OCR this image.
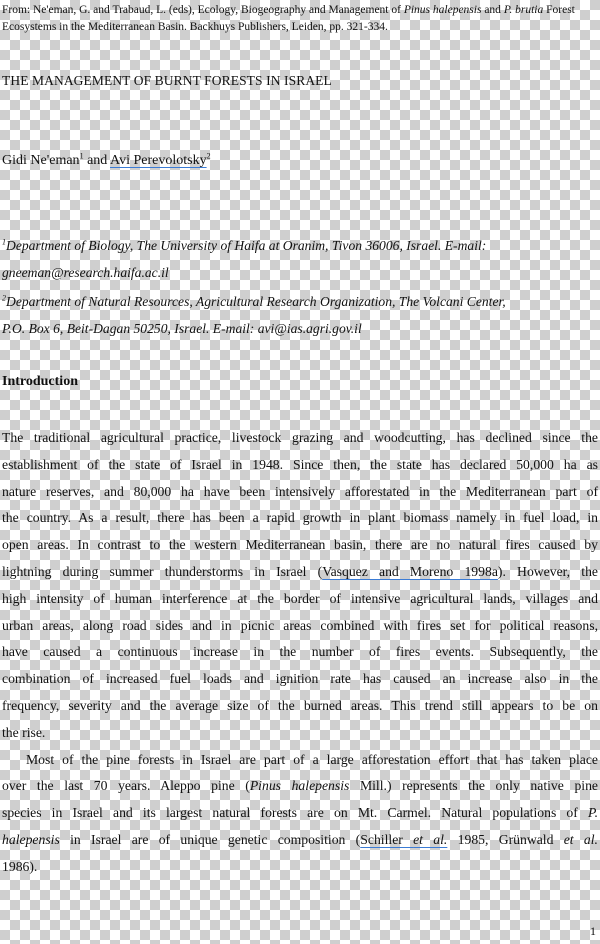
From: Ne'eman, G. and Trabaud, L. (eds), Ecology, Biogeography and Management of Pinus halepensis and P. brutia Forest Ecosystems in the Mediterranean Basin. Backhuys Publishers, Leiden, pp. 321-334.
THE MANAGEMENT OF BURNT FORESTS IN ISRAEL
Gidi Ne'eman$^1$ and Avi Perevolotsky$^2$
$^1$Department of Biology, The University of Haifa at Oranim, Tivon 36006, Israel. E-mail:
gneeman@research.haifa.ac.il
$^2$Department of Natural Resources, Agricultural Research Organization, The Volcani Center,
P.O. Box 6, Beit-Dagan 50250, Israel. E-mail: avi@ias.agri.gov.il
Introduction
The traditional agricultural practice, livestock grazing and woodcutting, has declined since the
establishment of the state of Israel in 1948. Since then, the state has declared 50,000 ha as
nature reserves, and 80,000 ha have been intensively afforestated in the Mediterranean part of
the country. As a result, there has been a rapid growth in plant biomass namely in fuel load, in
open areas. In contrast to the western Mediterranean basin, there are no natural fires caused by
lightning during summer thunderstorms in Israel (Vasquez and Moreno 1998a). However, the
high intensity of human interference at the border of intensive agricultural lands, villages and
urban areas, along road sides and in picnic areas combined with fires set for political reasons,
have caused a continuous increase in the number of fires events. Subsequently, the
combination of increased fuel loads and ignition rate has caused an increase also in the
frequency, severity and the average size of the burned areas. This trend still appears to be on
the rise.
Most of the pine forests in Israel are part of a large afforestation effort that has taken place
over the last 70 years. Aleppo pine (Pinus halepensis Mill.) represents the only native pine
species in Israel and its largest natural forests are on Mt. Carmel. Natural populations of P.
halepensis in Israel are of unique genetic composition (Schiller et al. 1985, Grünwald et al.
1986).
1
